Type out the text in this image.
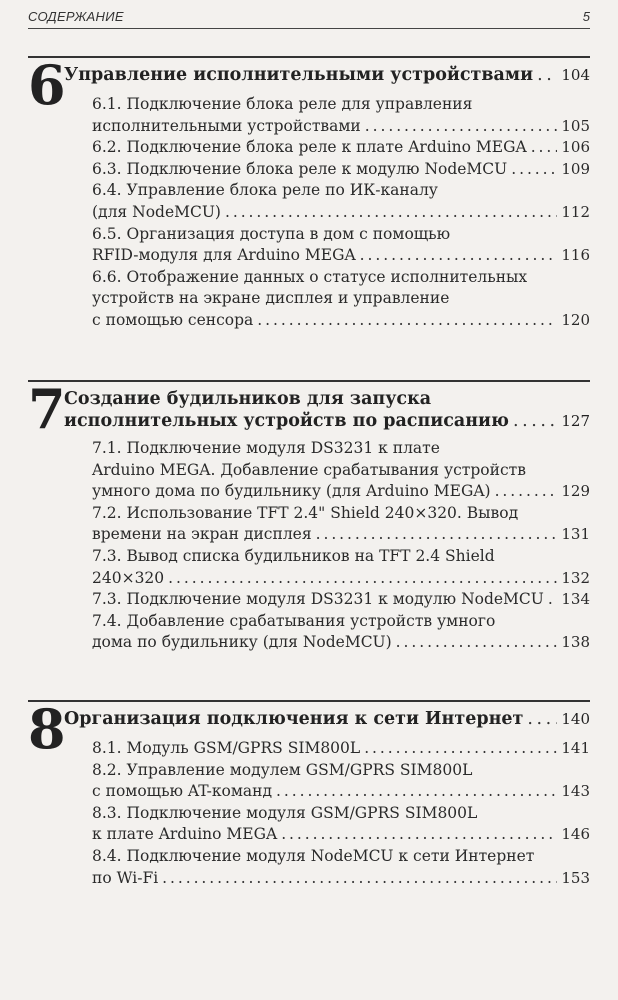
СОДЕРЖАНИЕ	5
6
Управление исполнительными устройствами . . . 104
6.1. Подключение блока реле для управления
исполнительными устройствами . . .	105
6.2. Подключение блока реле к плате Arduino MEGA . . . 106
6.3. Подключение блока реле к модулю NodeMCU . . .	109
6.4. Управление блока реле по ИК-каналу
(для NodeMCU) . . .	112
6.5. Организация доступа в дом с помощью
RFID-модуля для Arduino MEGA . . .	116
6.6. Отображение данных о статусе исполнительных
устройств на экране дисплея и управление
с помощью сенсора . . .	120
7
Создание будильников для запуска
исполнительных устройств по расписанию . . .	127
7.1. Подключение модуля DS3231 к плате
Arduino MEGA. Добавление срабатывания устройств
умного дома по будильнику (для Arduino MEGA) . . .	129
7.2. Использование TFT 2.4" Shield 240×320. Вывод
времени на экран дисплея . . .	131
7.3. Вывод списка будильников на TFT 2.4 Shield
240×320 . . .	132
7.3. Подключение модуля DS3231 к модулю NodeMCU . . . 134
7.4. Добавление срабатывания устройств умного
дома по будильнику (для NodeMCU) . . .	138
8
Организация подключения к сети Интернет . . .	140
8.1. Модуль GSM/GPRS SIM800L . . .	141
8.2. Управление модулем GSM/GPRS SIM800L
с помощью AT-команд . . .	143
8.3. Подключение модуля GSM/GPRS SIM800L
к плате Arduino MEGA . . .	146
8.4. Подключение модуля NodeMCU к сети Интернет
по Wi-Fi . . .	153
